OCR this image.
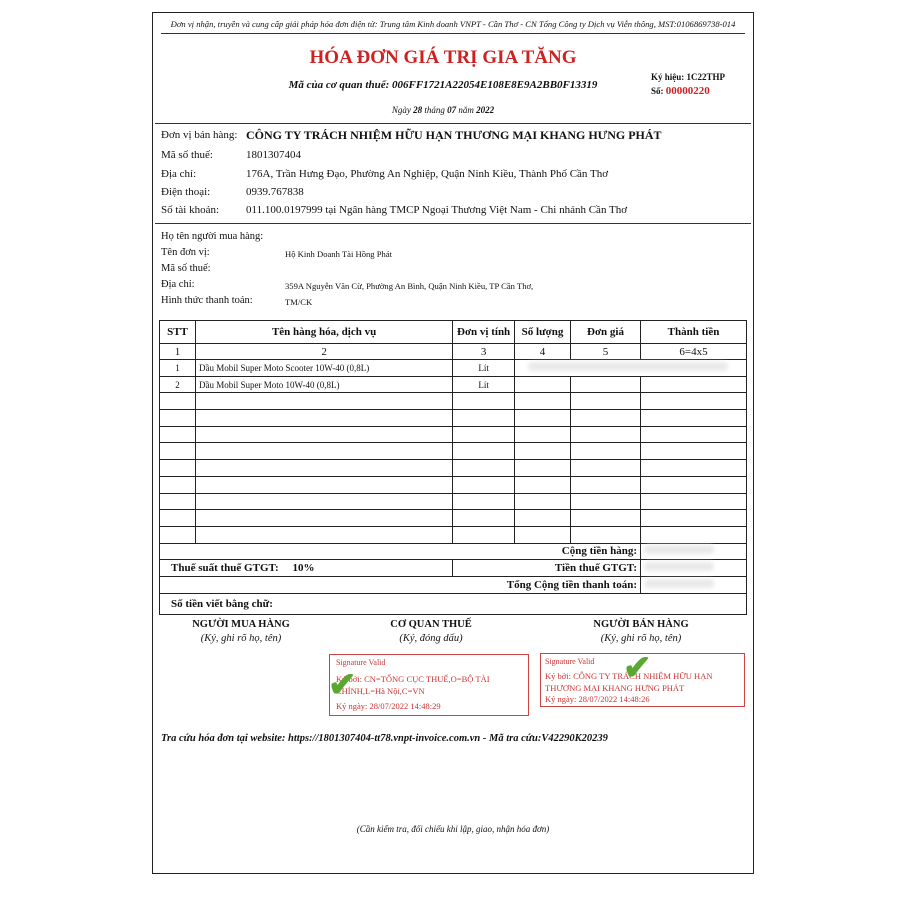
Đơn vị nhận, truyền và cung cấp giải pháp hóa đơn điện tử: Trung tâm Kinh doanh VNPT - Cần Thơ - CN Tổng Công ty Dịch vụ Viễn thông, MST:0106869738-014
HÓA ĐƠN GIÁ TRỊ GIA TĂNG
Mã của cơ quan thuế: 006FF1721A22054E108E8E9A2BB0F13319
Ngày 28 tháng 07 năm 2022
Ký hiệu: 1C22THP
Số: 00000220
Đơn vị bán hàng: CÔNG TY TRÁCH NHIỆM HỮU HẠN THƯƠNG MẠI KHANG HƯNG PHÁT
Mã số thuế:	1801307404
Địa chỉ:	176A, Trần Hưng Đạo, Phường An Nghiệp, Quận Ninh Kiều, Thành Phố Cần Thơ
Điện thoại:	0939.767838
Số tài khoản: 011.100.0197999 tại Ngân hàng TMCP Ngoại Thương Việt Nam - Chi nhánh Cần Thơ
Họ tên người mua hàng:
Tên đơn vị:	Hộ Kinh Doanh Tài Hồng Phát
Mã số thuế:
Địa chỉ:	359A Nguyễn Văn Cừ, Phường An Bình, Quận Ninh Kiều, TP Cần Thơ,
Hình thức thanh toán:	TM/CK
STT	Tên hàng hóa, dịch vụ	Đơn vị tính	Số lượng	Đơn giá	Thành tiền
1	2	3	4	5	6=4x5
1	Dầu Mobil Super Moto Scooter 10W-40 (0,8L)	Lít			
2	Dầu Mobil Super Moto 10W-40 (0,8L)	Lít			

Cộng tiền hàng:					
Thuế suất thuế GTGT: 10%		Tiền thuế GTGT:			
Tổng Cộng tiền thanh toán:					
Số tiền viết bằng chữ:					
NGƯỜI MUA HÀNG
(Ký, ghi rõ họ, tên)
CƠ QUAN THUẾ
(Ký, đóng dấu)
NGƯỜI BÁN HÀNG
(Ký, ghi rõ họ, tên)
Signature Valid
Ký bởi: CN=TỔNG CỤC THUẾ,O=BỘ TÀI CHÍNH,L=Hà Nội,C=VN
Ký ngày: 28/07/2022 14:48:29
✔
Signature Valid
Ký bởi: CÔNG TY TRÁCH NHIỆM HỮU HẠN THƯƠNG MẠI KHANG HƯNG PHÁT
Ký ngày: 28/07/2022 14:48:26
✔
Tra cứu hóa đơn tại website: https://1801307404-tt78.vnpt-invoice.com.vn - Mã tra cứu:V42290K20239
(Cần kiểm tra, đối chiếu khi lập, giao, nhận hóa đơn)
